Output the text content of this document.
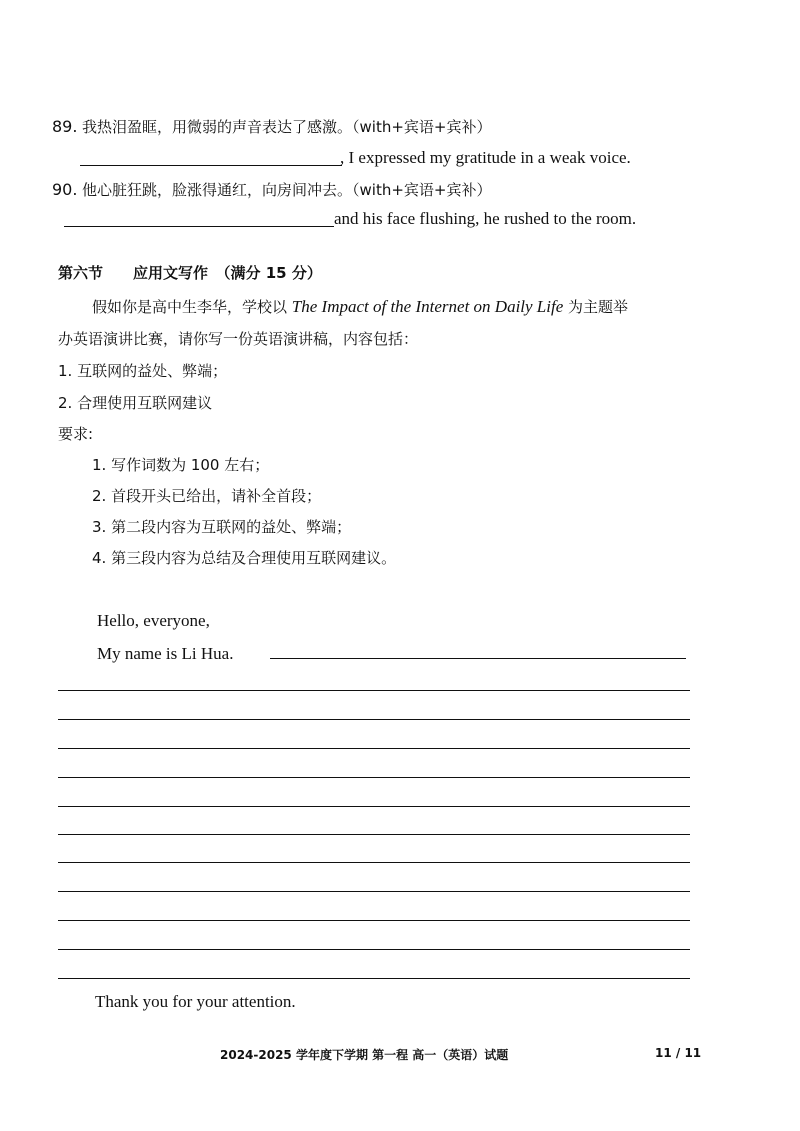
89. 我热泪盈眶，用微弱的声音表达了感激。（with+宾语+宾补）
, I expressed my gratitude in a weak voice.
90. 他心脏狂跳，脸涨得通红，向房间冲去。（with+宾语+宾补）
and his face flushing, he rushed to the room.
第六节　　应用文写作　（满分 15 分）
假如你是高中生李华，学校以 The Impact of the Internet on Daily Life 为主题举
办英语演讲比赛，请你写一份英语演讲稿，内容包括：
1. 互联网的益处、弊端；
2. 合理使用互联网建议
要求:
1. 写作词数为 100 左右；
2. 首段开头已给出，请补全首段；
3. 第二段内容为互联网的益处、弊端；
4. 第三段内容为总结及合理使用互联网建议。
Hello, everyone,
My name is Li Hua.
Thank you for your attention.
2024-2025 学年度下学期 第一程 高一（英语）试题	11 / 11
